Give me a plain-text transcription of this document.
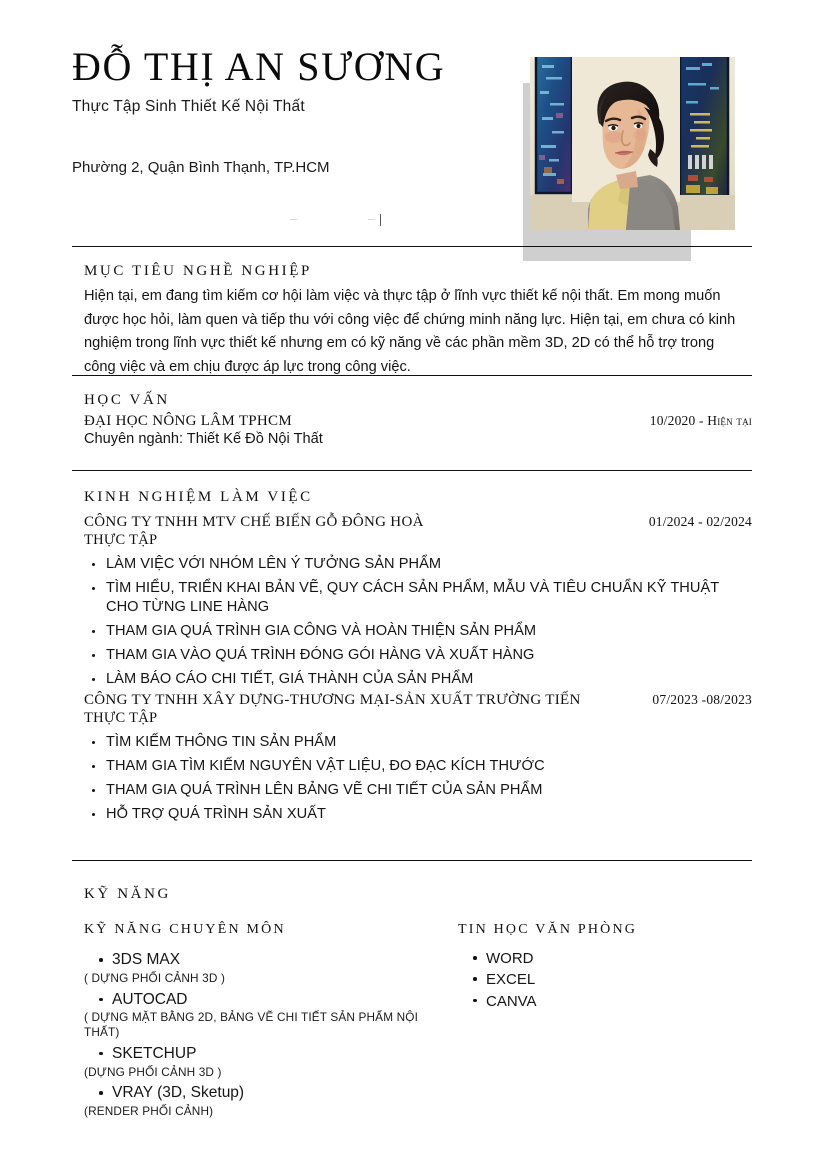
ĐỖ THỊ AN SƯƠNG
Thực Tập Sinh Thiết Kế Nội Thất
Phường 2, Quận Bình Thạnh, TP.HCM
MỤC TIÊU NGHỀ NGHIỆP
Hiện tại, em đang tìm kiếm cơ hội làm việc và thực tập ở lĩnh vực thiết kế nội thất. Em mong muốn được học hỏi, làm quen và tiếp thu với công việc để chứng minh năng lực. Hiện tại, em chưa có kinh nghiệm trong lĩnh vực thiết kế nhưng em có kỹ năng về các phần mềm 3D, 2D có thể hỗ trợ trong công việc và em chịu được áp lực trong công việc.
HỌC VẤN
ĐẠI HỌC NÔNG LÂM TPHCM	10/2020 - Hiện tại
Chuyên ngành: Thiết Kế Đồ Nội Thất
KINH NGHIỆM LÀM VIỆC
CÔNG TY TNHH MTV CHẾ BIẾN GỖ ĐÔNG HOÀ	01/2024 - 02/2024
THỰC TẬP
LÀM VIỆC VỚI NHÓM LÊN Ý TƯỞNG SẢN PHẨM
TÌM HIỂU, TRIỂN KHAI BẢN VẼ, QUY CÁCH SẢN PHẨM, MẪU VÀ TIÊU CHUẨN KỸ THUẬT CHO TỪNG LINE HÀNG
THAM GIA QUÁ TRÌNH GIA CÔNG VÀ HOÀN THIỆN SẢN PHẨM
THAM GIA VÀO QUÁ TRÌNH ĐÓNG GÓI HÀNG VÀ XUẤT HÀNG
LÀM BÁO CÁO CHI TIẾT, GIÁ THÀNH CỦA SẢN PHẨM
CÔNG TY TNHH XÂY DỰNG-THƯƠNG MẠI-SẢN XUẤT TRƯỜNG TIẾN	07/2023 -08/2023
THỰC TẬP
TÌM KIẾM THÔNG TIN SẢN PHẨM
THAM GIA TÌM KIẾM NGUYÊN VẬT LIỆU, ĐO ĐẠC KÍCH THƯỚC
THAM GIA QUÁ TRÌNH LÊN BẢNG VẼ CHI TIẾT CỦA SẢN PHẨM
HỖ TRỢ QUÁ TRÌNH SẢN XUẤT
KỸ NĂNG
KỸ NĂNG CHUYÊN MÔN
3DS MAX
( DỰNG PHỐI CẢNH 3D )
AUTOCAD
( DỰNG MẶT BẰNG 2D, BẢNG VẼ CHI TIẾT SẢN PHẨM NỘI THẤT)
SKETCHUP
(DỰNG PHỐI CẢNH 3D )
VRAY (3D, Sketup)
(RENDER PHỐI CẢNH)
TIN HỌC VĂN PHÒNG
WORD
EXCEL
CANVA
